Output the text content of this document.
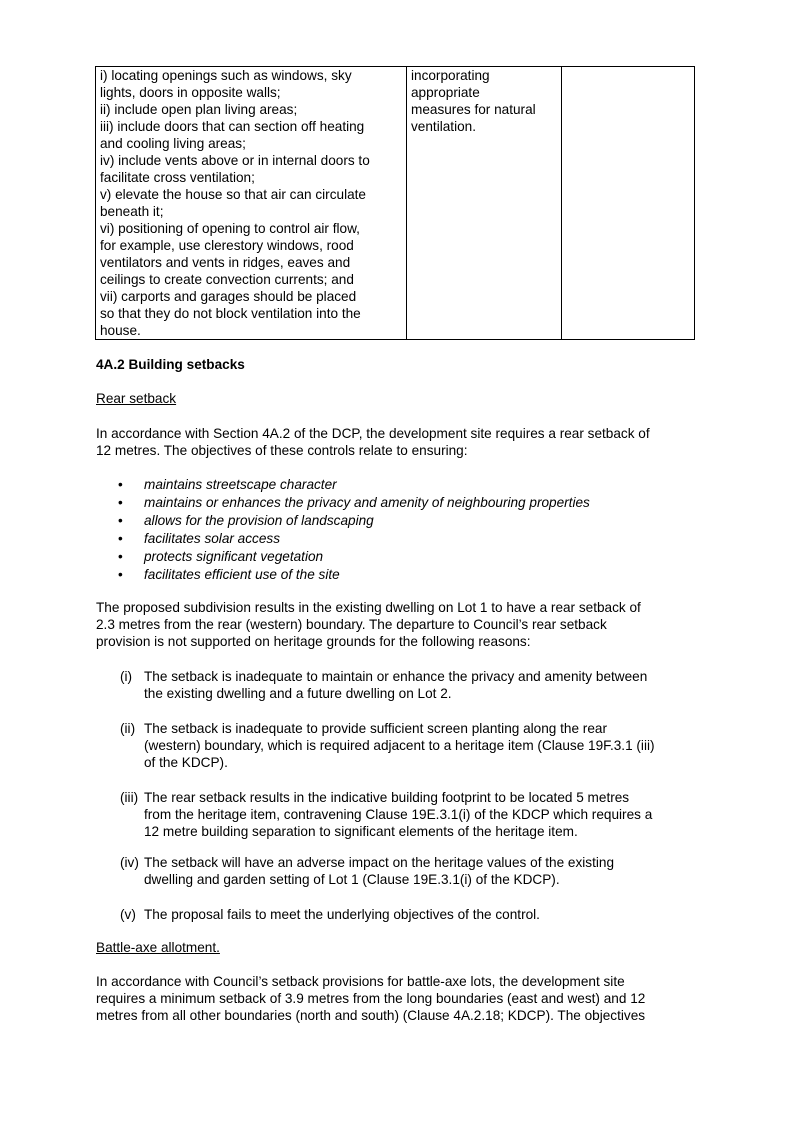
i) locating openings such as windows, sky
lights, doors in opposite walls;
ii) include open plan living areas;
iii) include doors that can section off heating
and cooling living areas;
iv) include vents above or in internal doors to
facilitate cross ventilation;
v) elevate the house so that air can circulate
beneath it;
vi) positioning of opening to control air flow,
for example, use clerestory windows, rood
ventilators and vents in ridges, eaves and
ceilings to create convection currents; and
vii) carports and garages should be placed
so that they do not block ventilation into the
house.

incorporating
appropriate
measures for natural
ventilation.

4A.2 Building setbacks
Rear setback
In accordance with Section 4A.2 of the DCP, the development site requires a rear setback of
12 metres. The objectives of these controls relate to ensuring:
• maintains streetscape character
• maintains or enhances the privacy and amenity of neighbouring properties
• allows for the provision of landscaping
• facilitates solar access
• protects significant vegetation
• facilitates efficient use of the site
The proposed subdivision results in the existing dwelling on Lot 1 to have a rear setback of
2.3 metres from the rear (western) boundary. The departure to Council’s rear setback
provision is not supported on heritage grounds for the following reasons:
(i) The setback is inadequate to maintain or enhance the privacy and amenity between
the existing dwelling and a future dwelling on Lot 2.
(ii) The setback is inadequate to provide sufficient screen planting along the rear
(western) boundary, which is required adjacent to a heritage item (Clause 19F.3.1 (iii)
of the KDCP).
(iii) The rear setback results in the indicative building footprint to be located 5 metres
from the heritage item, contravening Clause 19E.3.1(i) of the KDCP which requires a
12 metre building separation to significant elements of the heritage item.
(iv) The setback will have an adverse impact on the heritage values of the existing
dwelling and garden setting of Lot 1 (Clause 19E.3.1(i) of the KDCP).
(v) The proposal fails to meet the underlying objectives of the control.
Battle-axe allotment.
In accordance with Council’s setback provisions for battle-axe lots, the development site
requires a minimum setback of 3.9 metres from the long boundaries (east and west) and 12
metres from all other boundaries (north and south) (Clause 4A.2.18; KDCP). The objectives
